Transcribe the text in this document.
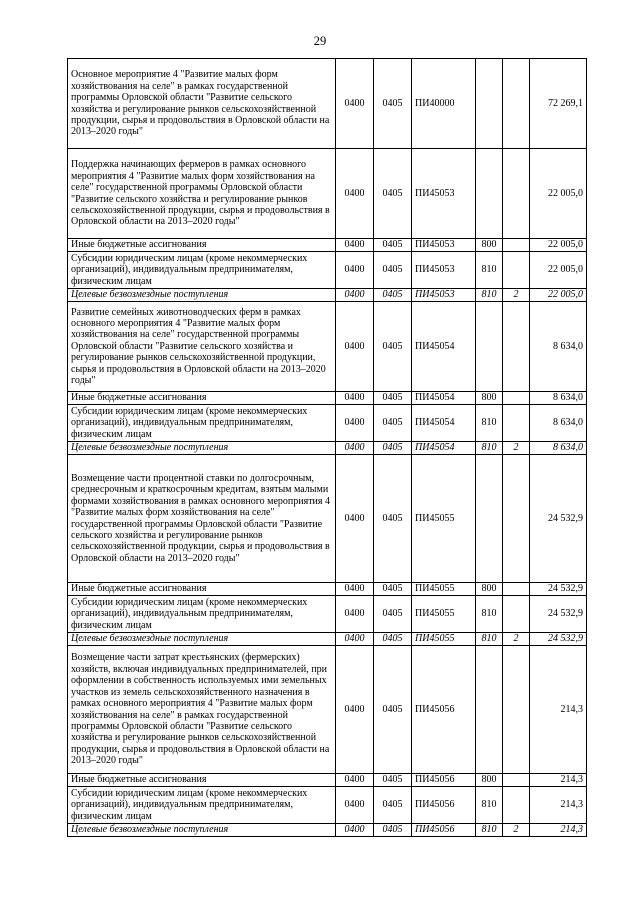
29
Основное мероприятие 4 "Развитие малых форм хозяйствования на селе" в рамках государственной программы Орловской области "Развитие сельского хозяйства и регулирование рынков сельскохозяйственной продукции, сырья и продовольствия в Орловской области на 2013–2020 годы"	0400	0405	ПИ40000			72 269,1
Поддержка начинающих фермеров в рамках основного мероприятия 4 "Развитие малых форм хозяйствования на селе" государственной программы Орловской области "Развитие сельского хозяйства и регулирование рынков сельскохозяйственной продукции, сырья и продовольствия в Орловской области на 2013–2020 годы"	0400	0405	ПИ45053			22 005,0
Иные бюджетные ассигнования	0400	0405	ПИ45053	800		22 005,0
Субсидии юридическим лицам (кроме некоммерческих организаций), индивидуальным предпринимателям, физическим лицам	0400	0405	ПИ45053	810		22 005,0
Целевые безвозмездные поступления	0400	0405	ПИ45053	810	2	22 005,0
Развитие семейных животноводческих ферм в рамках основного мероприятия 4 "Развитие малых форм хозяйствования на селе" государственной программы Орловской области "Развитие сельского хозяйства и регулирование рынков сельскохозяйственной продукции, сырья и продовольствия в Орловской области на 2013–2020 годы"	0400	0405	ПИ45054			8 634,0
Иные бюджетные ассигнования	0400	0405	ПИ45054	800		8 634,0
Субсидии юридическим лицам (кроме некоммерческих организаций), индивидуальным предпринимателям, физическим лицам	0400	0405	ПИ45054	810		8 634,0
Целевые безвозмездные поступления	0400	0405	ПИ45054	810	2	8 634,0
Возмещение части процентной ставки по долгосрочным, среднесрочным и краткосрочным кредитам, взятым малыми формами хозяйствования в рамках основного мероприятия 4 "Развитие малых форм хозяйствования на селе" государственной программы Орловской области "Развитие сельского хозяйства и регулирование рынков сельскохозяйственной продукции, сырья и продовольствия в Орловской области на 2013–2020 годы"	0400	0405	ПИ45055			24 532,9
Иные бюджетные ассигнования	0400	0405	ПИ45055	800		24 532,9
Субсидии юридическим лицам (кроме некоммерческих организаций), индивидуальным предпринимателям, физическим лицам	0400	0405	ПИ45055	810		24 532,9
Целевые безвозмездные поступления	0400	0405	ПИ45055	810	2	24 532,9
Возмещение части затрат крестьянских (фермерских) хозяйств, включая индивидуальных предпринимателей, при оформлении в собственность используемых ими земельных участков из земель сельскохозяйственного назначения в рамках основного мероприятия 4 "Развитие малых форм хозяйствования на селе" в рамках государственной программы Орловской области "Развитие сельского хозяйства и регулирование рынков сельскохозяйственной продукции, сырья и продовольствия в Орловской области на 2013–2020 годы"	0400	0405	ПИ45056			214,3
Иные бюджетные ассигнования	0400	0405	ПИ45056	800		214,3
Субсидии юридическим лицам (кроме некоммерческих организаций), индивидуальным предпринимателям, физическим лицам	0400	0405	ПИ45056	810		214,3
Целевые безвозмездные поступления	0400	0405	ПИ45056	810	2	214,3
